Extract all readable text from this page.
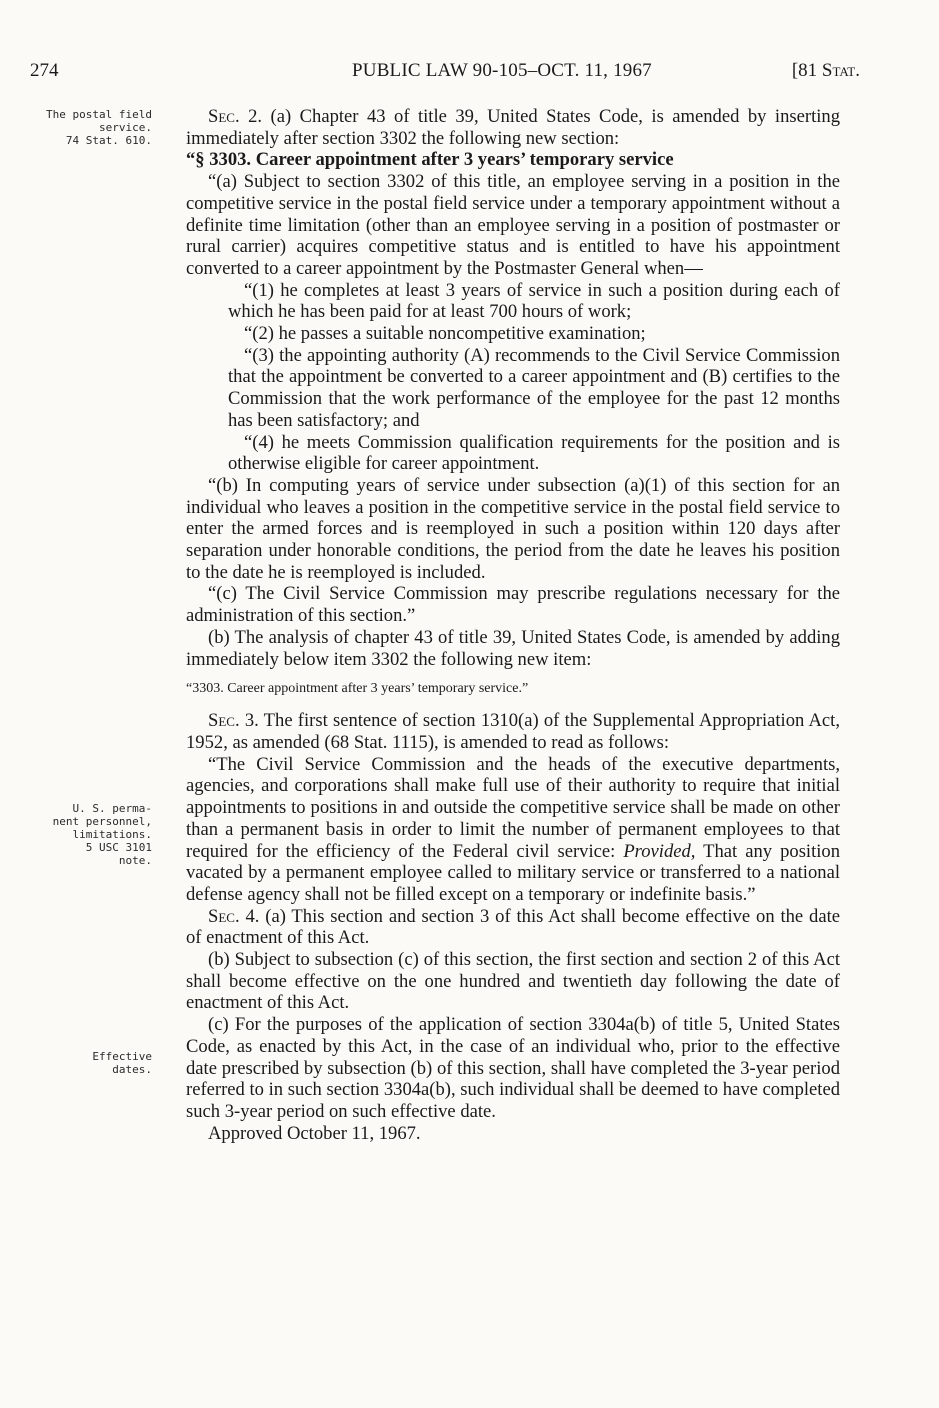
274	PUBLIC LAW 90-105–OCT. 11, 1967	[81 Stat.
The postal field
service.
74 Stat. 610.
U. S. perma-
nent personnel,
limitations.
5 USC 3101
note.
Effective
dates.

Sec. 2. (a) Chapter 43 of title 39, United States Code, is amended by inserting immediately after section 3302 the following new section:

“§ 3303. Career appointment after 3 years’ temporary service

“(a) Subject to section 3302 of this title, an employee serving in a position in the competitive service in the postal field service under a temporary appointment without a definite time limitation (other than an employee serving in a position of postmaster or rural carrier) acquires competitive status and is entitled to have his appointment converted to a career appointment by the Postmaster General when—

“(1) he completes at least 3 years of service in such a position during each of which he has been paid for at least 700 hours of work;

“(2) he passes a suitable noncompetitive examination;

“(3) the appointing authority (A) recommends to the Civil Service Commission that the appointment be converted to a career appointment and (B) certifies to the Commission that the work performance of the employee for the past 12 months has been satisfactory; and

“(4) he meets Commission qualification requirements for the position and is otherwise eligible for career appointment.

“(b) In computing years of service under subsection (a)(1) of this section for an individual who leaves a position in the competitive service in the postal field service to enter the armed forces and is reemployed in such a position within 120 days after separation under honorable conditions, the period from the date he leaves his position to the date he is reemployed is included.

“(c) The Civil Service Commission may prescribe regulations necessary for the administration of this section.”

(b) The analysis of chapter 43 of title 39, United States Code, is amended by adding immediately below item 3302 the following new item:

“3303. Career appointment after 3 years’ temporary service.”

Sec. 3. The first sentence of section 1310(a) of the Supplemental Appropriation Act, 1952, as amended (68 Stat. 1115), is amended to read as follows:

“The Civil Service Commission and the heads of the executive departments, agencies, and corporations shall make full use of their authority to require that initial appointments to positions in and outside the competitive service shall be made on other than a permanent basis in order to limit the number of permanent employees to that required for the efficiency of the Federal civil service: Provided, That any position vacated by a permanent employee called to military service or transferred to a national defense agency shall not be filled except on a temporary or indefinite basis.”

Sec. 4. (a) This section and section 3 of this Act shall become effective on the date of enactment of this Act.

(b) Subject to subsection (c) of this section, the first section and section 2 of this Act shall become effective on the one hundred and twentieth day following the date of enactment of this Act.

(c) For the purposes of the application of section 3304a(b) of title 5, United States Code, as enacted by this Act, in the case of an individual who, prior to the effective date prescribed by subsection (b) of this section, shall have completed the 3-year period referred to in such section 3304a(b), such individual shall be deemed to have completed such 3-year period on such effective date.

Approved October 11, 1967.
